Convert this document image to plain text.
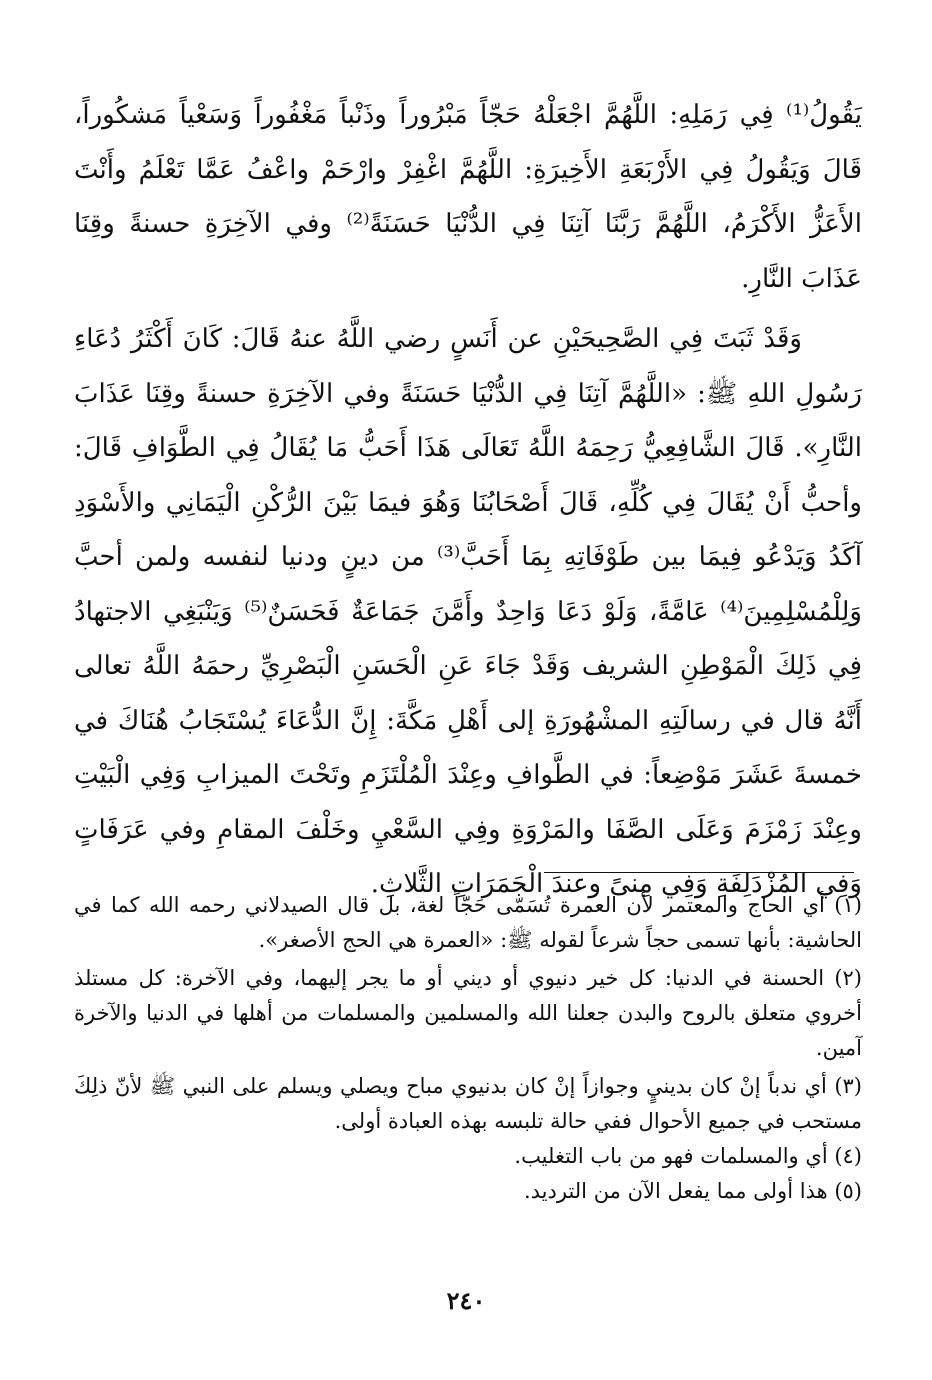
يَقُولُ⁽¹⁾ فِي رَمَلِهِ: اللَّهُمَّ اجْعَلْهُ حَجّاً مَبْرُوراً وذَنْباً مَغْفُوراً وَسَعْياً مَشكُوراً، قَالَ وَيَقُولُ فِي الأَرْبَعَةِ الأَخِيرَةِ: اللَّهُمَّ اغْفِرْ وارْحَمْ واعْفُ عَمَّا تَعْلَمُ وأَنْتَ الأَعَزُّ الأَكْرَمُ، اللَّهُمَّ رَبَّنَا آتِنَا فِي الدُّنْيَا حَسَنَةً⁽²⁾ وفي الآخِرَةِ حسنةً وقِنَا عَذَابَ النَّارِ.

وَقَدْ ثَبَتَ فِي الصَّحِيحَيْنِ عن أَنَسٍ رضي اللَّهُ عنهُ قَالَ: كَانَ أَكْثَرُ دُعَاءِ رَسُولِ اللهِ ﷺ: «اللَّهُمَّ آتِنَا فِي الدُّنْيَا حَسَنَةً وفي الآخِرَةِ حسنةً وقِنَا عَذَابَ النَّارِ». قَالَ الشَّافِعِيُّ رَحِمَهُ اللَّهُ تَعَالَى هَذَا أَحَبُّ مَا يُقَالُ فِي الطَّوَافِ قَالَ: وأحبُّ أَنْ يُقَالَ فِي كُلِّهِ، قَالَ أَصْحَابُنَا وَهُوَ فيمَا بَيْنَ الرُّكْنِ الْيَمَانِي والأَسْوَدِ آكَدُ وَيَدْعُو فِيمَا بين طَوْفَاتِهِ بِمَا أَحَبَّ⁽³⁾ من دينٍ ودنيا لنفسه ولمن أحبَّ وَلِلْمُسْلِمِينَ⁽⁴⁾ عَامَّةً، وَلَوْ دَعَا وَاحِدٌ وأَمَّنَ جَمَاعَةٌ فَحَسَنٌ⁽⁵⁾ وَيَنْبَغِي الاجتهادُ فِي ذَلِكَ الْمَوْطِنِ الشريف وَقَدْ جَاءَ عَنِ الْحَسَنِ الْبَصْرِيِّ رحمَهُ اللَّهُ تعالى أَنَّهُ قال في رسالَتِهِ المشْهُورَةِ إلى أَهْلِ مَكَّةَ: إِنَّ الدُّعَاءَ يُسْتَجَابُ هُنَاكَ في خمسةَ عَشَرَ مَوْضِعاً: في الطَّوافِ وعِنْدَ الْمُلْتَزَمِ وتَحْتَ الميزابِ وَفِي الْبَيْتِ وعِنْدَ زَمْزَمَ وَعَلَى الصَّفَا والمَرْوَةِ وفِي السَّعْيِ وخَلْفَ المقامِ وفي عَرَفَاتٍ وَفِي المُزْدَلِفَةِ وَفِي مِنىً وعندَ الْجَمَرَاتِ الثَّلاثِ.

(١) أي الحاج والمعتمر لأن العمرة تُسَمّى حَجّاً لغة، بل قال الصيدلاني رحمه الله كما في الحاشية: بأنها تسمى حجاً شرعاً لقوله ﷺ: «العمرة هي الحج الأصغر».

(٢) الحسنة في الدنيا: كل خير دنيوي أو ديني أو ما يجر إليهما، وفي الآخرة: كل مستلذ أخروي متعلق بالروح والبدن جعلنا الله والمسلمين والمسلمات من أهلها في الدنيا والآخرة آمين.

(٣) أي ندباً إنْ كان بدينيٍ وجوازاً إنْ كان بدنيوي مباح ويصلي ويسلم على النبي ﷺ لأنّ ذلِكَ مستحب في جميع الأحوال ففي حالة تلبسه بهذه العبادة أولى.

(٤) أي والمسلمات فهو من باب التغليب.

(٥) هذا أولى مما يفعل الآن من الترديد.

٢٤٠
